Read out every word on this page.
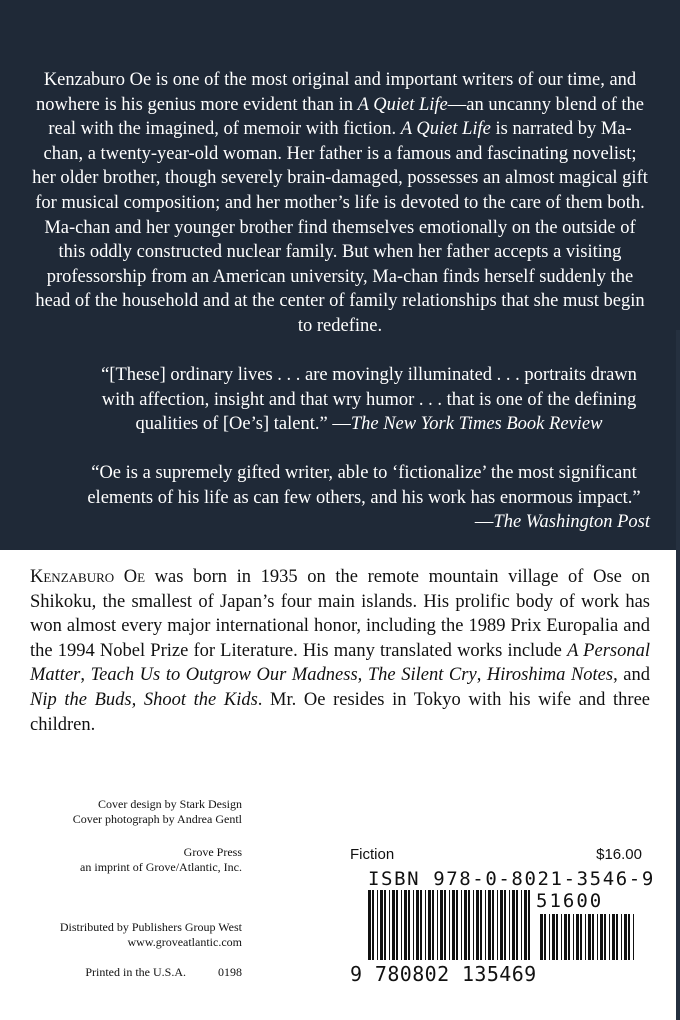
Kenzaburo Oe is one of the most original and important writers of our time, and nowhere is his genius more evident than in A Quiet Life—an uncanny blend of the real with the imagined, of memoir with fiction. A Quiet Life is narrated by Ma-chan, a twenty-year-old woman. Her father is a famous and fascinating novelist; her older brother, though severely brain-damaged, possesses an almost magical gift for musical composition; and her mother’s life is devoted to the care of them both. Ma-chan and her younger brother find themselves emotionally on the outside of this oddly constructed nuclear family. But when her father accepts a visiting professorship from an American university, Ma-chan finds herself suddenly the head of the household and at the center of family relationships that she must begin to redefine.

“[These] ordinary lives . . . are movingly illuminated . . . portraits drawn with affection, insight and that wry humor . . . that is one of the defining qualities of [Oe’s] talent.” —The New York Times Book Review

“Oe is a supremely gifted writer, able to ‘fictionalize’ the most significant elements of his life as can few others, and his work has enormous impact.”
—The Washington Post

Kenzaburo Oe was born in 1935 on the remote mountain village of Ose on Shikoku, the smallest of Japan’s four main islands. His prolific body of work has won almost every major international honor, including the 1989 Prix Europalia and the 1994 Nobel Prize for Literature. His many translated works include A Personal Matter, Teach Us to Outgrow Our Madness, The Silent Cry, Hiroshima Notes, and Nip the Buds, Shoot the Kids. Mr. Oe resides in Tokyo with his wife and three children.

Cover design by Stark Design
Cover photograph by Andrea Gentl
Grove Press
an imprint of Grove/Atlantic, Inc.
Distributed by Publishers Group West
www.groveatlantic.com
Printed in the U.S.A.	0198
Fiction	$16.00
ISBN 978-0-8021-3546-9
51600
9 780802 135469
